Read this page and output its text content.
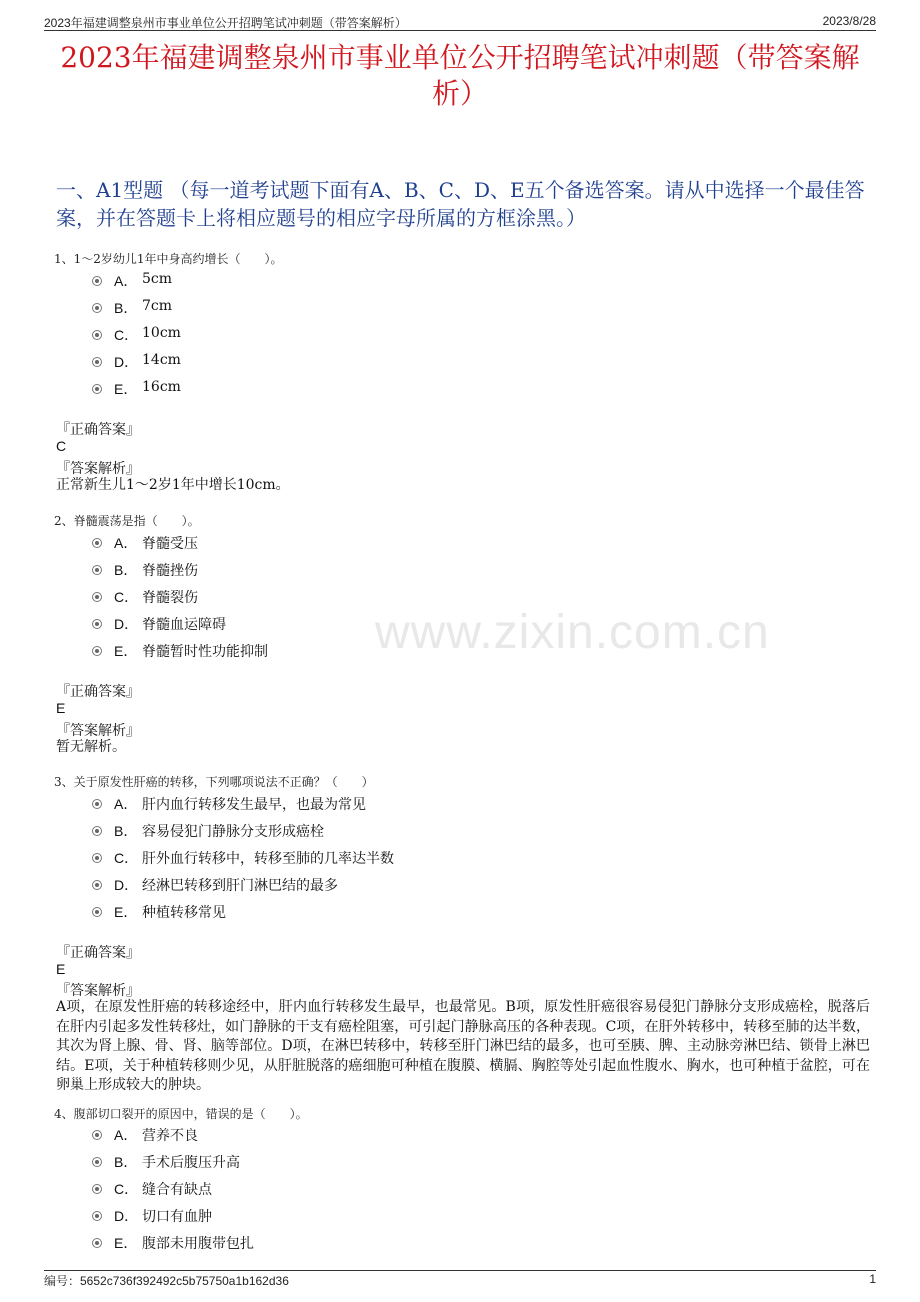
2023年福建调整泉州市事业单位公开招聘笔试冲刺题（带答案解析）	2023/8/28
2023年福建调整泉州市事业单位公开招聘笔试冲刺题（带答案解析）
一、A1型题 （每一道考试题下面有A、B、C、D、E五个备选答案。请从中选择一个最佳答案，并在答题卡上将相应题号的相应字母所属的方框涂黑。）
www.zixin.com.cn
1、1～2岁幼儿1年中身高约增长（　　）。
A． 5cm
B． 7cm
C． 10cm
D． 14cm
E． 16cm
『正确答案』
C
『答案解析』
正常新生儿1～2岁1年中增长10cm。
2、脊髓震荡是指（　　）。
A． 脊髓受压
B． 脊髓挫伤
C． 脊髓裂伤
D． 脊髓血运障碍
E． 脊髓暂时性功能抑制
『正确答案』
E
『答案解析』
暂无解析。
3、关于原发性肝癌的转移，下列哪项说法不正确？（　　）
A． 肝内血行转移发生最早，也最为常见
B． 容易侵犯门静脉分支形成癌栓
C． 肝外血行转移中，转移至肺的几率达半数
D． 经淋巴转移到肝门淋巴结的最多
E． 种植转移常见
『正确答案』
E
『答案解析』
A项，在原发性肝癌的转移途经中，肝内血行转移发生最早，也最常见。B项，原发性肝癌很容易侵犯门静脉分支形成癌栓，脱落后在肝内引起多发性转移灶，如门静脉的干支有癌栓阻塞，可引起门静脉高压的各种表现。C项，在肝外转移中，转移至肺的达半数，其次为肾上腺、骨、肾、脑等部位。D项，在淋巴转移中，转移至肝门淋巴结的最多，也可至胰、脾、主动脉旁淋巴结、锁骨上淋巴结。E项，关于种植转移则少见，从肝脏脱落的癌细胞可种植在腹膜、横膈、胸腔等处引起血性腹水、胸水，也可种植于盆腔，可在卵巢上形成较大的肿块。
4、腹部切口裂开的原因中，错误的是（　　）。
A． 营养不良
B． 手术后腹压升高
C． 缝合有缺点
D． 切口有血肿
E． 腹部未用腹带包扎
编号：5652c736f392492c5b75750a1b162d36	1
